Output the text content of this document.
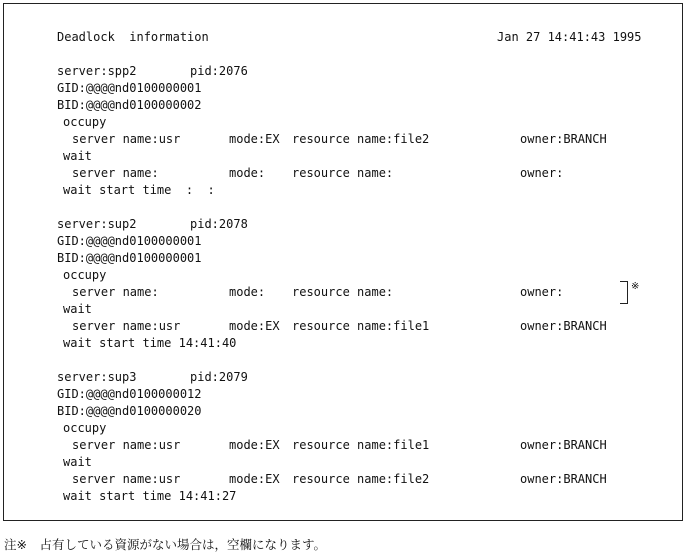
Deadlock  information	Jan 27 14:41:43 1995
server:spp2	pid:2076
GID:@@@@nd0100000001
BID:@@@@nd0100000002
occupy
server name:usr	mode:EX resource name:file2	owner:BRANCH
wait
server name:	mode: resource name:	owner:
wait start time  :  :
server:sup2	pid:2078
GID:@@@@nd0100000001
BID:@@@@nd0100000001
occupy
server name:	mode: resource name:	owner:
wait
server name:usr	mode:EX resource name:file1	owner:BRANCH
wait start time 14:41:40
※
server:sup3	pid:2079
GID:@@@@nd0100000012
BID:@@@@nd0100000020
occupy
server name:usr	mode:EX resource name:file1	owner:BRANCH
wait
server name:usr	mode:EX resource name:file2	owner:BRANCH
wait start time 14:41:27
注※　占有している資源がない場合は，空欄になります。
